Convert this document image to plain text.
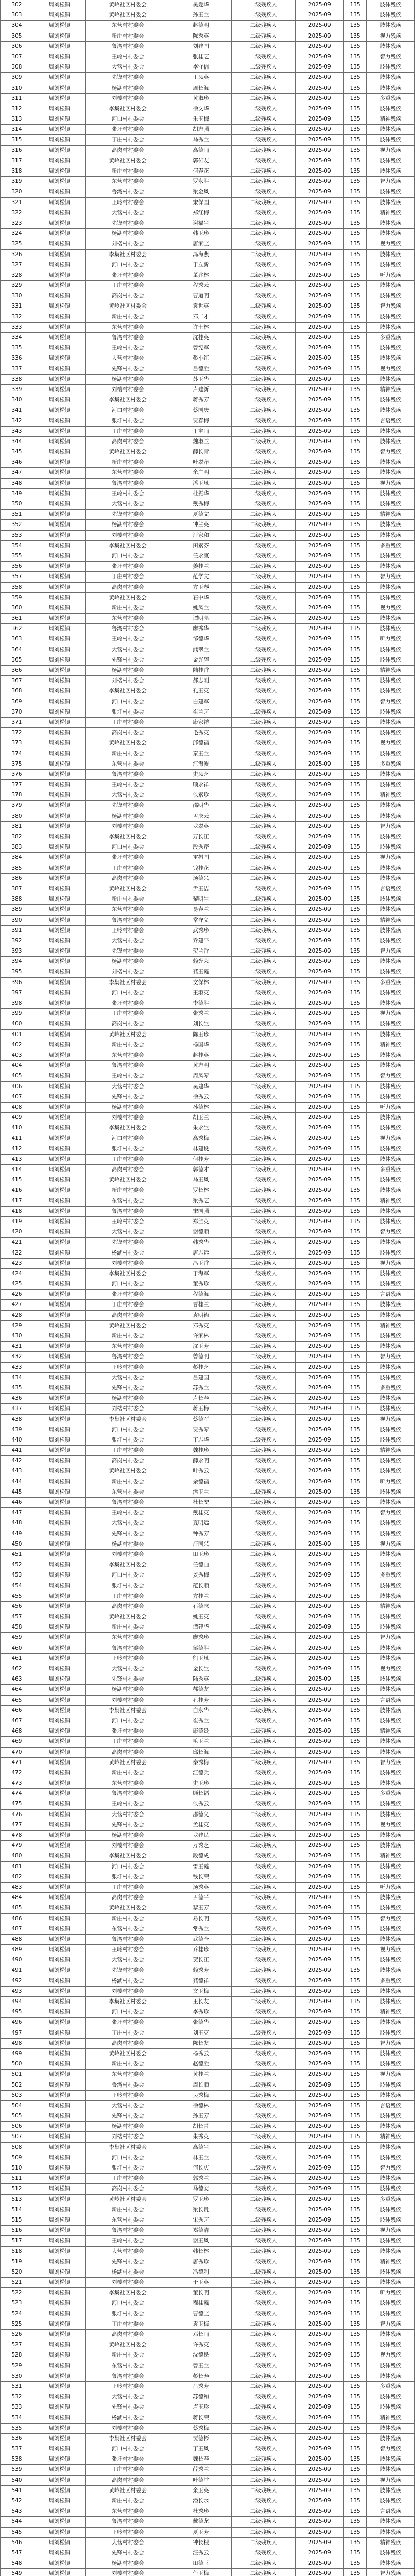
302	周刘松镇	黄岭社区村委会	吴爱华	二级残疾人	2025-09	135	肢体残疾
303	周刘松镇	黄岭社区村委会	孙玉兰	二级残疾人	2025-09	135	肢体残疾
304	周刘松镇	东营村村委会	赵德明	二级残疾人	2025-09	135	肢体残疾
305	周刘松镇	新庄村村委会	陈秀英	二级残疾人	2025-09	135	视力残疾
306	周刘松镇	鲁湾村村委会	刘建国	二级残疾人	2025-09	135	肢体残疾
307	周刘松镇	王岭村村委会	张桂芝	二级残疾人	2025-09	135	智力残疾
308	周刘松镇	大营村村委会	李守信	二级残疾人	2025-09	135	肢体残疾
309	周刘松镇	先锋村村委会	王凤英	二级残疾人	2025-09	135	肢体残疾
310	周刘松镇	杨湖村村委会	周长海	二级残疾人	2025-09	135	肢体残疾
311	周刘松镇	刘楼村村委会	黄淑珍	二级残疾人	2025-09	135	多重残疾
312	周刘松镇	李集社区村委会	徐文华	二级残疾人	2025-09	135	肢体残疾
313	周刘松镇	河口村村委会	朱玉梅	二级残疾人	2025-09	135	精神残疾
314	周刘松镇	张圩村村委会	胡志强	二级残疾人	2025-09	135	肢体残疾
315	周刘松镇	丁庄村村委会	马秀兰	二级残疾人	2025-09	135	肢体残疾
316	周刘松镇	高岗村村委会	高德山	二级残疾人	2025-09	135	视力残疾
317	周刘松镇	黄岭社区村委会	郭传友	二级残疾人	2025-09	135	肢体残疾
318	周刘松镇	新庄村村委会	何春花	二级残疾人	2025-09	135	肢体残疾
319	周刘松镇	东营村村委会	罗永胜	二级残疾人	2025-09	135	智力残疾
320	周刘松镇	鲁湾村村委会	梁金凤	二级残疾人	2025-09	135	肢体残疾
321	周刘松镇	王岭村村委会	宋保国	二级残疾人	2025-09	135	肢体残疾
322	周刘松镇	大营村村委会	郑红梅	二级残疾人	2025-09	135	精神残疾
323	周刘松镇	先锋村村委会	谢福生	二级残疾人	2025-09	135	肢体残疾
324	周刘松镇	杨湖村村委会	韩玉珍	二级残疾人	2025-09	135	肢体残疾
325	周刘松镇	刘楼村村委会	唐家宝	二级残疾人	2025-09	135	视力残疾
326	周刘松镇	李集社区村委会	冯海燕	二级残疾人	2025-09	135	肢体残疾
327	周刘松镇	河口村村委会	于立新	二级残疾人	2025-09	135	肢体残疾
328	周刘松镇	张圩村村委会	董兆林	二级残疾人	2025-09	135	听力残疾
329	周刘松镇	丁庄村村委会	程秀云	二级残疾人	2025-09	135	肢体残疾
330	周刘松镇	高岗村村委会	曹道明	二级残疾人	2025-09	135	肢体残疾
331	周刘松镇	黄岭社区村委会	袁世英	二级残疾人	2025-09	135	智力残疾
332	周刘松镇	新庄村村委会	邓广才	二级残疾人	2025-09	135	肢体残疾
333	周刘松镇	东营村村委会	许士林	二级残疾人	2025-09	135	肢体残疾
334	周刘松镇	鲁湾村村委会	沈桂英	二级残疾人	2025-09	135	多重残疾
335	周刘松镇	王岭村村委会	曾宪军	二级残疾人	2025-09	135	肢体残疾
336	周刘松镇	大营村村委会	彭小红	二级残疾人	2025-09	135	肢体残疾
337	周刘松镇	先锋村村委会	吕德胜	二级残疾人	2025-09	135	视力残疾
338	周刘松镇	杨湖村村委会	苏玉华	二级残疾人	2025-09	135	肢体残疾
339	周刘松镇	刘楼村村委会	卢建新	二级残疾人	2025-09	135	精神残疾
340	周刘松镇	李集社区村委会	蒋秀芳	二级残疾人	2025-09	135	肢体残疾
341	周刘松镇	河口村村委会	蔡国庆	二级残疾人	2025-09	135	肢体残疾
342	周刘松镇	张圩村村委会	贾春梅	二级残疾人	2025-09	135	言语残疾
343	周刘松镇	丁庄村村委会	丁宝山	二级残疾人	2025-09	135	肢体残疾
344	周刘松镇	高岗村村委会	魏淑兰	二级残疾人	2025-09	135	肢体残疾
345	周刘松镇	黄岭社区村委会	薛长青	二级残疾人	2025-09	135	智力残疾
346	周刘松镇	新庄村村委会	叶翠萍	二级残疾人	2025-09	135	肢体残疾
347	周刘松镇	东营村村委会	余广明	二级残疾人	2025-09	135	肢体残疾
348	周刘松镇	鲁湾村村委会	潘玉凤	二级残疾人	2025-09	135	视力残疾
349	周刘松镇	王岭村村委会	杜振华	二级残疾人	2025-09	135	肢体残疾
350	周刘松镇	大营村村委会	戴秀梅	二级残疾人	2025-09	135	肢体残疾
351	周刘松镇	先锋村村委会	夏德文	二级残疾人	2025-09	135	精神残疾
352	周刘松镇	杨湖村村委会	钟兰英	二级残疾人	2025-09	135	肢体残疾
353	周刘松镇	刘楼村村委会	汪家和	二级残疾人	2025-09	135	肢体残疾
354	周刘松镇	李集社区村委会	田素芬	二级残疾人	2025-09	135	多重残疾
355	周刘松镇	河口村村委会	任永康	二级残疾人	2025-09	135	肢体残疾
356	周刘松镇	张圩村村委会	姜桂兰	二级残疾人	2025-09	135	肢体残疾
357	周刘松镇	丁庄村村委会	范学文	二级残疾人	2025-09	135	智力残疾
358	周刘松镇	高岗村村委会	方玉琴	二级残疾人	2025-09	135	肢体残疾
359	周刘松镇	黄岭社区村委会	石中华	二级残疾人	2025-09	135	肢体残疾
360	周刘松镇	新庄村村委会	姚凤兰	二级残疾人	2025-09	135	视力残疾
361	周刘松镇	东营村村委会	谭明亮	二级残疾人	2025-09	135	肢体残疾
362	周刘松镇	鲁湾村村委会	廖秀华	二级残疾人	2025-09	135	肢体残疾
363	周刘松镇	王岭村村委会	邹德华	二级残疾人	2025-09	135	听力残疾
364	周刘松镇	大营村村委会	熊翠兰	二级残疾人	2025-09	135	肢体残疾
365	周刘松镇	先锋村村委会	金光辉	二级残疾人	2025-09	135	肢体残疾
366	周刘松镇	杨湖村村委会	陆桂香	二级残疾人	2025-09	135	精神残疾
367	周刘松镇	刘楼村村委会	郝志刚	二级残疾人	2025-09	135	肢体残疾
368	周刘松镇	李集社区村委会	孔玉英	二级残疾人	2025-09	135	肢体残疾
369	周刘松镇	河口村村委会	白建军	二级残疾人	2025-09	135	智力残疾
370	周刘松镇	张圩村村委会	崔兰芝	二级残疾人	2025-09	135	肢体残疾
371	周刘松镇	丁庄村村委会	康家祥	二级残疾人	2025-09	135	肢体残疾
372	周刘松镇	高岗村村委会	毛秀英	二级残疾人	2025-09	135	肢体残疾
373	周刘松镇	黄岭社区村委会	邱德福	二级残疾人	2025-09	135	视力残疾
374	周刘松镇	新庄村村委会	秦玉兰	二级残疾人	2025-09	135	肢体残疾
375	周刘松镇	东营村村委会	江海波	二级残疾人	2025-09	135	多重残疾
376	周刘松镇	鲁湾村村委会	史凤芝	二级残疾人	2025-09	135	肢体残疾
377	周刘松镇	王岭村村委会	顾永祥	二级残疾人	2025-09	135	肢体残疾
378	周刘松镇	大营村村委会	侯素珍	二级残疾人	2025-09	135	精神残疾
379	周刘松镇	先锋村村委会	邵明华	二级残疾人	2025-09	135	肢体残疾
380	周刘松镇	杨湖村村委会	孟庆云	二级残疾人	2025-09	135	肢体残疾
381	周刘松镇	刘楼村村委会	龙翠英	二级残疾人	2025-09	135	智力残疾
382	周刘松镇	李集社区村委会	万长江	二级残疾人	2025-09	135	肢体残疾
383	周刘松镇	河口村村委会	段秀芹	二级残疾人	2025-09	135	肢体残疾
384	周刘松镇	张圩村村委会	雷振国	二级残疾人	2025-09	135	视力残疾
385	周刘松镇	丁庄村村委会	钱桂花	二级残疾人	2025-09	135	肢体残疾
386	周刘松镇	高岗村村委会	汤德兴	二级残疾人	2025-09	135	肢体残疾
387	周刘松镇	黄岭社区村委会	尹玉洁	二级残疾人	2025-09	135	言语残疾
388	周刘松镇	新庄村村委会	黎明生	二级残疾人	2025-09	135	肢体残疾
389	周刘松镇	东营村村委会	易春兰	二级残疾人	2025-09	135	肢体残疾
390	周刘松镇	鲁湾村村委会	常守义	二级残疾人	2025-09	135	精神残疾
391	周刘松镇	王岭村村委会	武秀珍	二级残疾人	2025-09	135	肢体残疾
392	周刘松镇	大营村村委会	乔建平	二级残疾人	2025-09	135	肢体残疾
393	周刘松镇	先锋村村委会	贺兰香	二级残疾人	2025-09	135	智力残疾
394	周刘松镇	杨湖村村委会	赖光荣	二级残疾人	2025-09	135	肢体残疾
395	周刘松镇	刘楼村村委会	龚玉霞	二级残疾人	2025-09	135	肢体残疾
396	周刘松镇	李集社区村委会	文保林	二级残疾人	2025-09	135	多重残疾
397	周刘松镇	河口村村委会	王淑英	二级残疾人	2025-09	135	肢体残疾
398	周刘松镇	张圩村村委会	李德胜	二级残疾人	2025-09	135	肢体残疾
399	周刘松镇	丁庄村村委会	张秀兰	二级残疾人	2025-09	135	视力残疾
400	周刘松镇	高岗村村委会	刘长生	二级残疾人	2025-09	135	肢体残疾
401	周刘松镇	黄岭社区村委会	陈玉珍	二级残疾人	2025-09	135	肢体残疾
402	周刘松镇	新庄村村委会	杨国华	二级残疾人	2025-09	135	精神残疾
403	周刘松镇	东营村村委会	赵桂英	二级残疾人	2025-09	135	肢体残疾
404	周刘松镇	鲁湾村村委会	黄志明	二级残疾人	2025-09	135	肢体残疾
405	周刘松镇	王岭村村委会	周凤琴	二级残疾人	2025-09	135	智力残疾
406	周刘松镇	大营村村委会	吴建华	二级残疾人	2025-09	135	肢体残疾
407	周刘松镇	先锋村村委会	徐秀云	二级残疾人	2025-09	135	肢体残疾
408	周刘松镇	杨湖村村委会	孙德林	二级残疾人	2025-09	135	听力残疾
409	周刘松镇	刘楼村村委会	胡玉兰	二级残疾人	2025-09	135	肢体残疾
410	周刘松镇	李集社区村委会	朱永生	二级残疾人	2025-09	135	肢体残疾
411	周刘松镇	河口村村委会	高秀梅	二级残疾人	2025-09	135	视力残疾
412	周刘松镇	张圩村村委会	林建设	二级残疾人	2025-09	135	肢体残疾
413	周刘松镇	丁庄村村委会	何桂芳	二级残疾人	2025-09	135	肢体残疾
414	周刘松镇	高岗村村委会	郭德才	二级残疾人	2025-09	135	多重残疾
415	周刘松镇	黄岭社区村委会	马玉凤	二级残疾人	2025-09	135	肢体残疾
416	周刘松镇	新庄村村委会	罗长林	二级残疾人	2025-09	135	肢体残疾
417	周刘松镇	东营村村委会	梁秀芝	二级残疾人	2025-09	135	精神残疾
418	周刘松镇	鲁湾村村委会	宋国强	二级残疾人	2025-09	135	肢体残疾
419	周刘松镇	王岭村村委会	郑兰英	二级残疾人	2025-09	135	肢体残疾
420	周刘松镇	大营村村委会	谢德顺	二级残疾人	2025-09	135	智力残疾
421	周刘松镇	先锋村村委会	韩秀华	二级残疾人	2025-09	135	肢体残疾
422	周刘松镇	杨湖村村委会	唐志远	二级残疾人	2025-09	135	肢体残疾
423	周刘松镇	刘楼村村委会	冯玉香	二级残疾人	2025-09	135	视力残疾
424	周刘松镇	李集社区村委会	于海军	二级残疾人	2025-09	135	肢体残疾
425	周刘松镇	河口村村委会	董秀珍	二级残疾人	2025-09	135	肢体残疾
426	周刘松镇	张圩村村委会	程德海	二级残疾人	2025-09	135	言语残疾
427	周刘松镇	丁庄村村委会	曹桂兰	二级残疾人	2025-09	135	肢体残疾
428	周刘松镇	高岗村村委会	袁明德	二级残疾人	2025-09	135	肢体残疾
429	周刘松镇	黄岭社区村委会	邓秀英	二级残疾人	2025-09	135	精神残疾
430	周刘松镇	新庄村村委会	许家林	二级残疾人	2025-09	135	肢体残疾
431	周刘松镇	东营村村委会	沈玉芳	二级残疾人	2025-09	135	肢体残疾
432	周刘松镇	鲁湾村村委会	曾德明	二级残疾人	2025-09	135	智力残疾
433	周刘松镇	王岭村村委会	彭桂芝	二级残疾人	2025-09	135	肢体残疾
434	周刘松镇	大营村村委会	吕建国	二级残疾人	2025-09	135	肢体残疾
435	周刘松镇	先锋村村委会	苏秀兰	二级残疾人	2025-09	135	多重残疾
436	周刘松镇	杨湖村村委会	卢长春	二级残疾人	2025-09	135	肢体残疾
437	周刘松镇	刘楼村村委会	蒋玉梅	二级残疾人	2025-09	135	肢体残疾
438	周刘松镇	李集社区村委会	蔡德军	二级残疾人	2025-09	135	视力残疾
439	周刘松镇	河口村村委会	贾秀琴	二级残疾人	2025-09	135	肢体残疾
440	周刘松镇	张圩村村委会	丁志华	二级残疾人	2025-09	135	肢体残疾
441	周刘松镇	丁庄村村委会	魏桂珍	二级残疾人	2025-09	135	精神残疾
442	周刘松镇	高岗村村委会	薛永明	二级残疾人	2025-09	135	肢体残疾
443	周刘松镇	黄岭社区村委会	叶秀云	二级残疾人	2025-09	135	肢体残疾
444	周刘松镇	新庄村村委会	余德福	二级残疾人	2025-09	135	听力残疾
445	周刘松镇	东营村村委会	潘玉兰	二级残疾人	2025-09	135	肢体残疾
446	周刘松镇	鲁湾村村委会	杜长安	二级残疾人	2025-09	135	肢体残疾
447	周刘松镇	王岭村村委会	戴桂英	二级残疾人	2025-09	135	智力残疾
448	周刘松镇	大营村村委会	夏明远	二级残疾人	2025-09	135	肢体残疾
449	周刘松镇	先锋村村委会	钟秀芳	二级残疾人	2025-09	135	肢体残疾
450	周刘松镇	杨湖村村委会	汪国兴	二级残疾人	2025-09	135	视力残疾
451	周刘松镇	刘楼村村委会	田玉珍	二级残疾人	2025-09	135	肢体残疾
452	周刘松镇	李集社区村委会	任德山	二级残疾人	2025-09	135	肢体残疾
453	周刘松镇	河口村村委会	姜秀梅	二级残疾人	2025-09	135	多重残疾
454	周刘松镇	张圩村村委会	范长顺	二级残疾人	2025-09	135	肢体残疾
455	周刘松镇	丁庄村村委会	方桂兰	二级残疾人	2025-09	135	肢体残疾
456	周刘松镇	高岗村村委会	石德志	二级残疾人	2025-09	135	精神残疾
457	周刘松镇	黄岭社区村委会	姚玉英	二级残疾人	2025-09	135	肢体残疾
458	周刘松镇	新庄村村委会	谭建华	二级残疾人	2025-09	135	肢体残疾
459	周刘松镇	东营村村委会	廖秀珍	二级残疾人	2025-09	135	智力残疾
460	周刘松镇	鲁湾村村委会	邹德胜	二级残疾人	2025-09	135	肢体残疾
461	周刘松镇	王岭村村委会	熊玉凤	二级残疾人	2025-09	135	肢体残疾
462	周刘松镇	大营村村委会	金长生	二级残疾人	2025-09	135	视力残疾
463	周刘松镇	先锋村村委会	陆秀英	二级残疾人	2025-09	135	肢体残疾
464	周刘松镇	杨湖村村委会	郝德友	二级残疾人	2025-09	135	肢体残疾
465	周刘松镇	刘楼村村委会	孔桂芳	二级残疾人	2025-09	135	言语残疾
466	周刘松镇	李集社区村委会	白永华	二级残疾人	2025-09	135	肢体残疾
467	周刘松镇	河口村村委会	崔秀兰	二级残疾人	2025-09	135	肢体残疾
468	周刘松镇	张圩村村委会	康德贵	二级残疾人	2025-09	135	精神残疾
469	周刘松镇	丁庄村村委会	毛玉兰	二级残疾人	2025-09	135	肢体残疾
470	周刘松镇	高岗村村委会	邱长海	二级残疾人	2025-09	135	肢体残疾
471	周刘松镇	黄岭社区村委会	秦秀梅	二级残疾人	2025-09	135	智力残疾
472	周刘松镇	新庄村村委会	江德兵	二级残疾人	2025-09	135	肢体残疾
473	周刘松镇	东营村村委会	史玉珍	二级残疾人	2025-09	135	肢体残疾
474	周刘松镇	鲁湾村村委会	顾长福	二级残疾人	2025-09	135	多重残疾
475	周刘松镇	王岭村村委会	侯秀云	二级残疾人	2025-09	135	肢体残疾
476	周刘松镇	大营村村委会	邵德义	二级残疾人	2025-09	135	肢体残疾
477	周刘松镇	先锋村村委会	孟桂英	二级残疾人	2025-09	135	视力残疾
478	周刘松镇	杨湖村村委会	龙建民	二级残疾人	2025-09	135	肢体残疾
479	周刘松镇	刘楼村村委会	万秀芝	二级残疾人	2025-09	135	肢体残疾
480	周刘松镇	李集社区村委会	段德成	二级残疾人	2025-09	135	精神残疾
481	周刘松镇	河口村村委会	雷玉霞	二级残疾人	2025-09	135	肢体残疾
482	周刘松镇	张圩村村委会	钱长荣	二级残疾人	2025-09	135	肢体残疾
483	周刘松镇	丁庄村村委会	汤秀英	二级残疾人	2025-09	135	听力残疾
484	周刘松镇	高岗村村委会	尹德平	二级残疾人	2025-09	135	肢体残疾
485	周刘松镇	黄岭社区村委会	黎玉芳	二级残疾人	2025-09	135	肢体残疾
486	周刘松镇	新庄村村委会	易长明	二级残疾人	2025-09	135	智力残疾
487	周刘松镇	东营村村委会	常秀兰	二级残疾人	2025-09	135	肢体残疾
488	周刘松镇	鲁湾村村委会	武德全	二级残疾人	2025-09	135	肢体残疾
489	周刘松镇	王岭村村委会	乔桂珍	二级残疾人	2025-09	135	视力残疾
490	周刘松镇	大营村村委会	贺长江	二级残疾人	2025-09	135	肢体残疾
491	周刘松镇	先锋村村委会	赖秀芳	二级残疾人	2025-09	135	肢体残疾
492	周刘松镇	杨湖村村委会	龚德祥	二级残疾人	2025-09	135	多重残疾
493	周刘松镇	刘楼村村委会	文玉梅	二级残疾人	2025-09	135	肢体残疾
494	周刘松镇	李集社区村委会	王长友	二级残疾人	2025-09	135	肢体残疾
495	周刘松镇	河口村村委会	李秀珍	二级残疾人	2025-09	135	精神残疾
496	周刘松镇	张圩村村委会	张德华	二级残疾人	2025-09	135	肢体残疾
497	周刘松镇	丁庄村村委会	刘玉英	二级残疾人	2025-09	135	肢体残疾
498	周刘松镇	高岗村村委会	陈长发	二级残疾人	2025-09	135	智力残疾
499	周刘松镇	黄岭社区村委会	杨秀云	二级残疾人	2025-09	135	肢体残疾
500	周刘松镇	新庄村村委会	赵德胜	二级残疾人	2025-09	135	肢体残疾
501	周刘松镇	东营村村委会	黄桂兰	二级残疾人	2025-09	135	视力残疾
502	周刘松镇	鲁湾村村委会	周长顺	二级残疾人	2025-09	135	肢体残疾
503	周刘松镇	王岭村村委会	吴秀梅	二级残疾人	2025-09	135	肢体残疾
504	周刘松镇	大营村村委会	徐德林	二级残疾人	2025-09	135	言语残疾
505	周刘松镇	先锋村村委会	孙玉芳	二级残疾人	2025-09	135	肢体残疾
506	周刘松镇	杨湖村村委会	胡长青	二级残疾人	2025-09	135	肢体残疾
507	周刘松镇	刘楼村村委会	朱秀英	二级残疾人	2025-09	135	精神残疾
508	周刘松镇	李集社区村委会	高德生	二级残疾人	2025-09	135	肢体残疾
509	周刘松镇	河口村村委会	林玉兰	二级残疾人	2025-09	135	肢体残疾
510	周刘松镇	张圩村村委会	何长庆	二级残疾人	2025-09	135	智力残疾
511	周刘松镇	丁庄村村委会	郭秀兰	二级残疾人	2025-09	135	肢体残疾
512	周刘松镇	高岗村村委会	马德安	二级残疾人	2025-09	135	肢体残疾
513	周刘松镇	黄岭社区村委会	罗玉珍	二级残疾人	2025-09	135	多重残疾
514	周刘松镇	新庄村村委会	梁长贵	二级残疾人	2025-09	135	肢体残疾
515	周刘松镇	东营村村委会	宋秀芝	二级残疾人	2025-09	135	肢体残疾
516	周刘松镇	鲁湾村村委会	郑德清	二级残疾人	2025-09	135	视力残疾
517	周刘松镇	王岭村村委会	谢玉凤	二级残疾人	2025-09	135	肢体残疾
518	周刘松镇	大营村村委会	韩长林	二级残疾人	2025-09	135	肢体残疾
519	周刘松镇	先锋村村委会	唐秀珍	二级残疾人	2025-09	135	精神残疾
520	周刘松镇	杨湖村村委会	冯德利	二级残疾人	2025-09	135	肢体残疾
521	周刘松镇	刘楼村村委会	于玉英	二级残疾人	2025-09	135	肢体残疾
522	周刘松镇	李集社区村委会	董长明	二级残疾人	2025-09	135	听力残疾
523	周刘松镇	河口村村委会	程桂霞	二级残疾人	2025-09	135	肢体残疾
524	周刘松镇	张圩村村委会	曹德宝	二级残疾人	2025-09	135	肢体残疾
525	周刘松镇	丁庄村村委会	袁玉梅	二级残疾人	2025-09	135	智力残疾
526	周刘松镇	高岗村村委会	邓长山	二级残疾人	2025-09	135	肢体残疾
527	周刘松镇	黄岭社区村委会	许秀英	二级残疾人	2025-09	135	肢体残疾
528	周刘松镇	新庄村村委会	沈德民	二级残疾人	2025-09	135	视力残疾
529	周刘松镇	东营村村委会	曾玉兰	二级残疾人	2025-09	135	肢体残疾
530	周刘松镇	鲁湾村村委会	彭长寿	二级残疾人	2025-09	135	肢体残疾
531	周刘松镇	王岭村村委会	吕秀芳	二级残疾人	2025-09	135	多重残疾
532	周刘松镇	大营村村委会	苏德和	二级残疾人	2025-09	135	肢体残疾
533	周刘松镇	先锋村村委会	卢玉珍	二级残疾人	2025-09	135	肢体残疾
534	周刘松镇	杨湖村村委会	蒋长荣	二级残疾人	2025-09	135	精神残疾
535	周刘松镇	刘楼村村委会	蔡秀梅	二级残疾人	2025-09	135	肢体残疾
536	周刘松镇	李集社区村委会	贾德彬	二级残疾人	2025-09	135	肢体残疾
537	周刘松镇	河口村村委会	丁玉凤	二级残疾人	2025-09	135	智力残疾
538	周刘松镇	张圩村村委会	魏长春	二级残疾人	2025-09	135	肢体残疾
539	周刘松镇	丁庄村村委会	薛秀兰	二级残疾人	2025-09	135	肢体残疾
540	周刘松镇	高岗村村委会	叶德堂	二级残疾人	2025-09	135	视力残疾
541	周刘松镇	黄岭社区村委会	余玉英	二级残疾人	2025-09	135	肢体残疾
542	周刘松镇	新庄村村委会	潘长水	二级残疾人	2025-09	135	肢体残疾
543	周刘松镇	东营村村委会	杜秀珍	二级残疾人	2025-09	135	言语残疾
544	周刘松镇	鲁湾村村委会	戴德龙	二级残疾人	2025-09	135	肢体残疾
545	周刘松镇	王岭村村委会	夏玉芳	二级残疾人	2025-09	135	肢体残疾
546	周刘松镇	大营村村委会	钟长根	二级残疾人	2025-09	135	精神残疾
547	周刘松镇	先锋村村委会	汪秀云	二级残疾人	2025-09	135	肢体残疾
548	周刘松镇	杨湖村村委会	田德玉	二级残疾人	2025-09	135	肢体残疾
549	周刘松镇	刘楼村村委会	任玉梅	二级残疾人	2025-09	135	智力残疾
